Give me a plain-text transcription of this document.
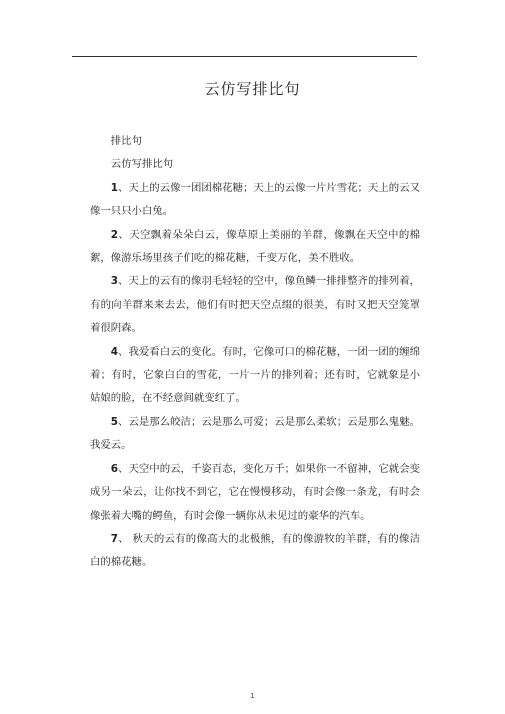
云仿写排比句

排比句

云仿写排比句

1、天上的云像一团团棉花糖；天上的云像一片片雪花；天上的云又像一只只小白兔。

2、天空飘着朵朵白云，像草原上美丽的羊群，像飘在天空中的棉絮，像游乐场里孩子们吃的棉花糖，千变万化，美不胜收。

3、天上的云有的像羽毛轻轻的空中，像鱼鳞一排排整齐的排列着，有的向羊群来来去去，他们有时把天空点缀的很美，有时又把天空笼罩着很阴森。

4、我爱看白云的变化。有时，它像可口的棉花糖，一团一团的缠绵着；有时，它象白白的雪花，一片一片的排列着；还有时，它就象是小姑娘的脸，在不经意间就变红了。

5、云是那么皎洁；云是那么可爱；云是那么柔软；云是那么鬼魅。我爱云。

6、天空中的云，千姿百态，变化万千；如果你一不留神，它就会变成另一朵云，让你找不到它，它在慢慢移动，有时会像一条龙，有时会像张着大嘴的鳄鱼，有时会像一辆你从未见过的豪华的汽车。

7、 秋天的云有的像高大的北极熊，有的像游牧的羊群，有的像洁白的棉花糖。

1
